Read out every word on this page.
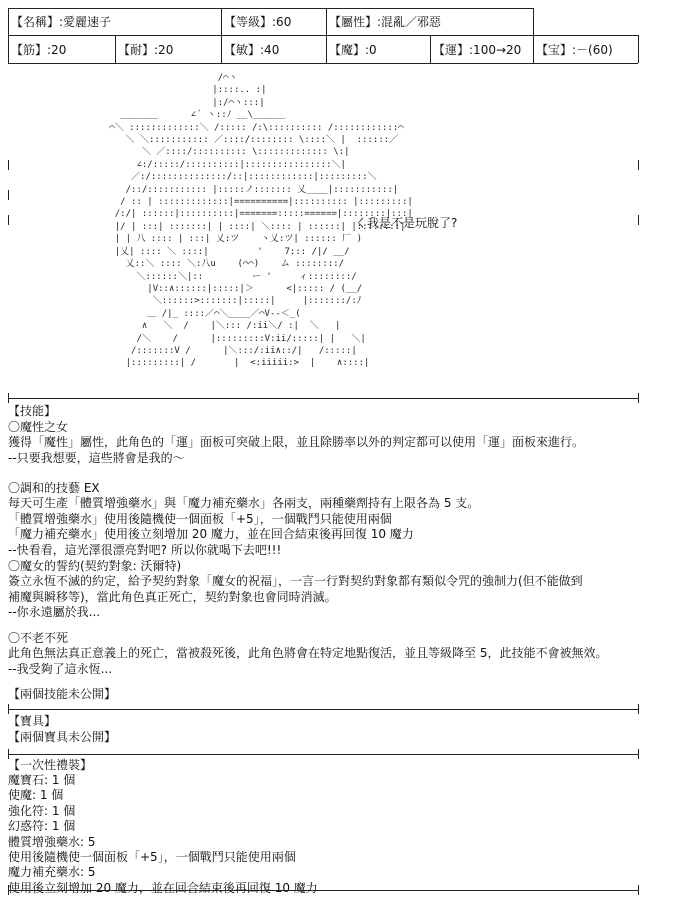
【名稱】:愛麗速子	【等級】:60	【屬性】:混亂／邪惡
【筋】:20	【耐】:20	【敏】:40	【魔】:0	【運】:100→20 【宝】:－(60)
/⌒ヽ
|::::.. :|
|:/⌒ヽ:::|
_______      ∠´ ヽ::ﾉ __\______
⌒＼ :::::::::::::＼ /::::: /:\:::::::::: /::::::::::::⌒
＼ ＼::::::::::: ／::::/:::::::: \::::＼ |  ::::::／
＼ ／::::/:::::::::: \::::::::::::: \:|
∠:/:::::/::::::::::|::::::::::::::::＼|
／:/::::::::::::::/::|::::::::::::|:::::::::＼
/::/::::::::::: |:::::ノ::::::: 乂____|:::::::::::|
/ :: | :::::::::::::|==========|:::::::::: |:::::::::|
/:/| ::::::|::::::::::|=======:::::======|::::::::|:::|
|/ | :::| :::::::| | ::::| ＼:::: | ::::::| |::::::::|
| | 八 :::: | :::| 乂:ツ    ヽ乂:ツ| :::::: 厂 )
|乂| :::: ＼ ::::|         '    7::: /|/ __/
乂::＼ :::: ＼:八u    (⌒⌒)    ム ::::::::/
＼::::::＼|::         ー '     ィ::::::::/
|V::∧::::::|:::::|＞      <|::::: / (__/
＼::::::>:::::::|:::::|     |:::::::/:ﾉ
＿ /|_ ::::／⌒＼____／⌒V‐‐＜_(
∧   ＼  /    |＼::: /:ii＼/ :|  ＼   |
/＼    /      |:::::::::V:ii/:::::| |   ＼|
/:::::::V /      |＼:::/:ii∧::/|   /:::::|
|:::::::::| /       |  <:iiiii:>  |    ∧::::|
く我是不是玩脫了?
【技能】
〇魔性之女
獲得「魔性」屬性，此角色的「運」面板可突破上限，並且除勝率以外的判定都可以使用「運」面板來進行。
--只要我想要，這些將會是我的〜
〇調和的技藝 EX
每天可生產「體質增強藥水」與「魔力補充藥水」各兩支，兩種藥劑持有上限各為 5 支。
「體質增強藥水」使用後隨機使一個面板「+5」，一個戰鬥只能使用兩個
「魔力補充藥水」使用後立刻增加 20 魔力，並在回合結束後再回復 10 魔力
--快看看，這光澤很漂亮對吧? 所以你就喝下去吧!!!
〇魔女的誓約(契約對象: 沃爾特)
簽立永恆不滅的約定，給予契約對象「魔女的祝福」，一言一行對契約對象都有類似令咒的強制力(但不能做到
補魔與瞬移等)，當此角色真正死亡，契約對象也會同時消滅。
--你永遠屬於我...
〇不老不死
此角色無法真正意義上的死亡，當被殺死後，此角色將會在特定地點復活，並且等級降至 5，此技能不會被無效。
--我受夠了這永恆...
【兩個技能未公開】
【寶具】
【兩個寶具未公開】
【一次性禮裝】
魔寶石: 1 個
使魔: 1 個
強化符: 1 個
幻惑符: 1 個
體質增強藥水: 5
使用後隨機使一個面板「+5」，一個戰鬥只能使用兩個
魔力補充藥水: 5
使用後立刻增加 20 魔力，並在回合結束後再回復 10 魔力
